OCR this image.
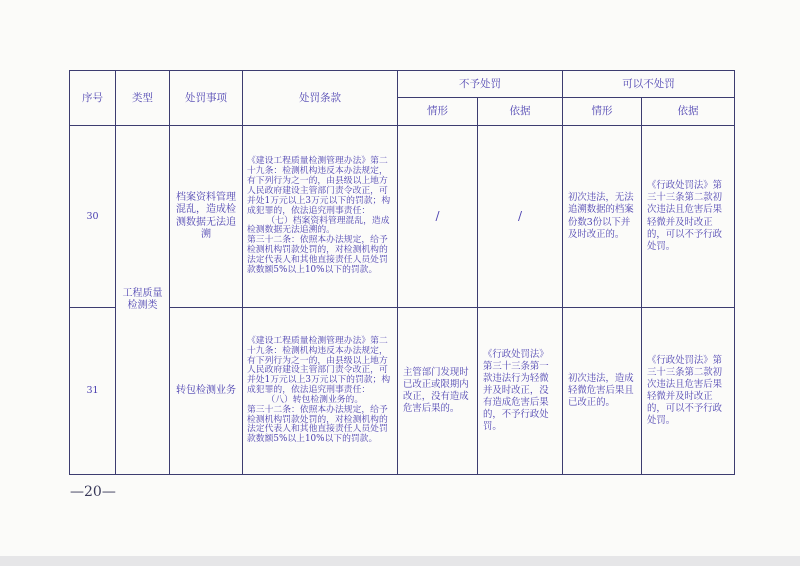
序号	类型	处罚事项	处罚条款	不予处罚		可以不处罚	
				情形	依据	情形	依据
30	工程质量检测类	档案资料管理混乱，造成检测数据无法追溯	《建设工程质量检测管理办法》第二十九条：检测机构违反本办法规定，有下列行为之一的，由县级以上地方人民政府建设主管部门责令改正，可并处1万元以上3万元以下的罚款；构成犯罪的，依法追究刑事责任：

（七）档案资料管理混乱，造成检测数据无法追溯的。

第三十二条：依照本办法规定，给予检测机构罚款处罚的，对检测机构的法定代表人和其他直接责任人员处罚款数额5%以上10%以下的罚款。	/	/	初次违法，无法追溯数据的档案份数3份以下并及时改正的。	《行政处罚法》第三十三条第二款初次违法且危害后果轻微并及时改正的，可以不予行政处罚。
31		转包检测业务	《建设工程质量检测管理办法》第二十九条：检测机构违反本办法规定，有下列行为之一的，由县级以上地方人民政府建设主管部门责令改正，可并处1万元以上3万元以下的罚款；构成犯罪的，依法追究刑事责任：

（八）转包检测业务的。

第三十二条：依照本办法规定，给予检测机构罚款处罚的，对检测机构的法定代表人和其他直接责任人员处罚款数额5%以上10%以下的罚款。	主管部门发现时已改正或限期内改正，没有造成危害后果的。	《行政处罚法》第三十三条第一款违法行为轻微并及时改正，没有造成危害后果的，不予行政处罚。	初次违法，造成轻微危害后果且已改正的。	《行政处罚法》第三十三条第二款初次违法且危害后果轻微并及时改正的，可以不予行政处罚。
—20—
